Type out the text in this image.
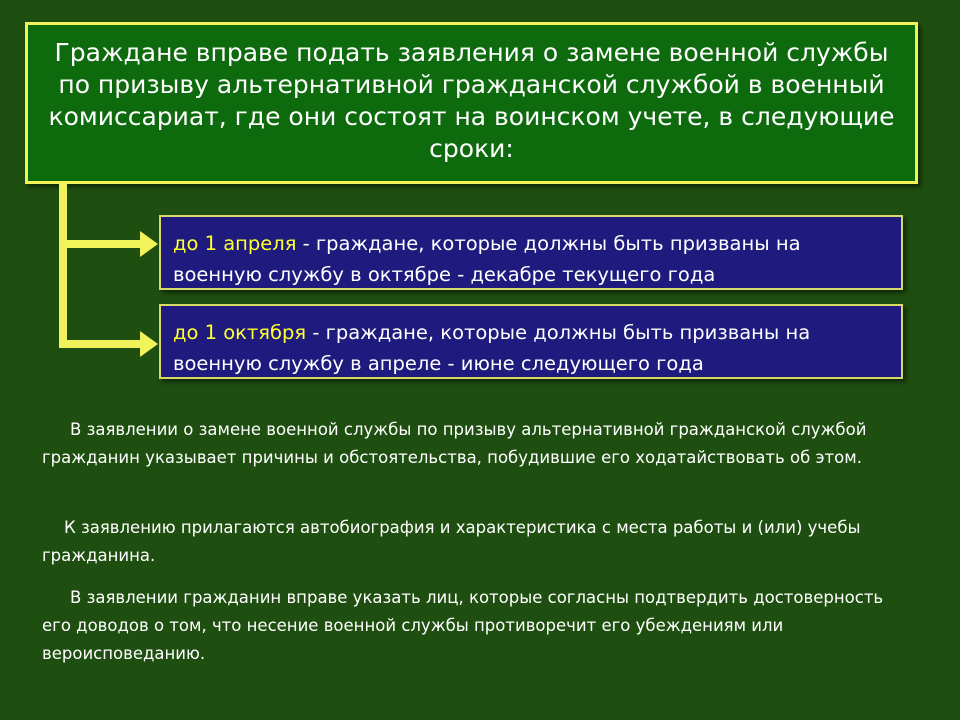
Граждане вправе подать заявления о замене военной службы по призыву альтернативной гражданской службой в военный комиссариат, где они состоят на воинском учете, в следующие сроки:

до 1 апреля - граждане, которые должны быть призваны на военную службу в октябре - декабре текущего года
до 1 октября - граждане, которые должны быть призваны на военную службу в апреле - июне следующего года

В заявлении о замене военной службы по призыву альтернативной гражданской службой гражданин указывает причины и обстоятельства, побудившие его ходатайствовать об этом.

К заявлению прилагаются автобиография и характеристика с места работы и (или) учебы гражданина.

В заявлении гражданин вправе указать лиц, которые согласны подтвердить достоверность его доводов о том, что несение военной службы противоречит его убеждениям или вероисповеданию.
